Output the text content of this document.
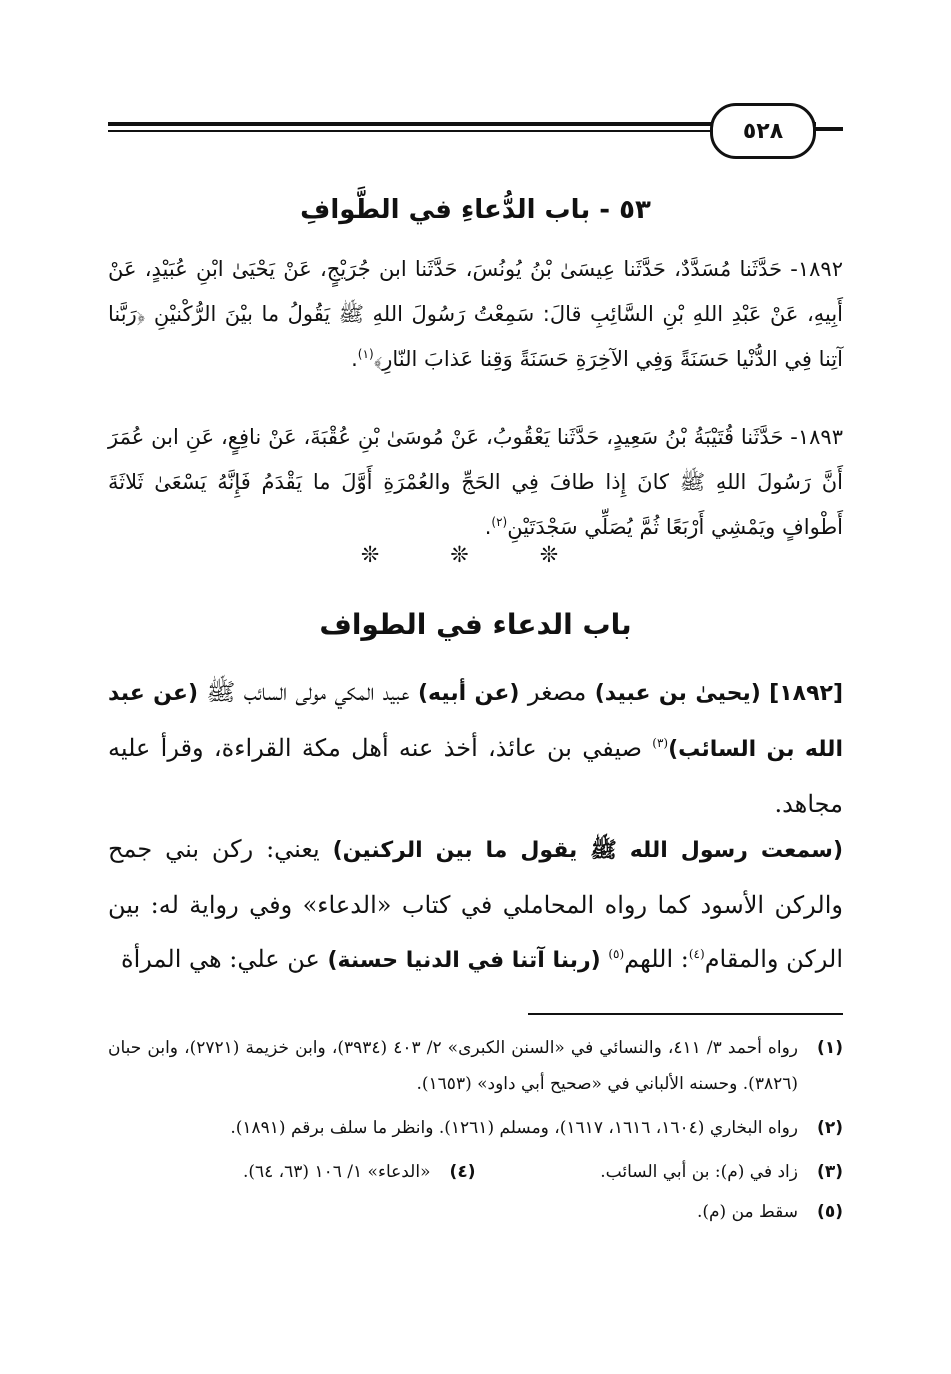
٥٢٨
٥٣ - باب الدُّعاءِ في الطَّوافِ

١٨٩٢- حَدَّثَنا مُسَدَّدٌ، حَدَّثَنا عِيسَىٰ بْنُ يُونُسَ، حَدَّثَنا ابن جُرَيْجٍ، عَنْ يَحْيَىٰ ابْنِ عُبَيْدٍ، عَنْ أَبِيهِ، عَنْ عَبْدِ اللهِ بْنِ السَّائِبِ قالَ: سَمِعْتُ رَسُولَ اللهِ ﷺ يَقُولُ ما بيْنَ الرُّكْنيْنِ ﴿رَبَّنا آتِنا فِي الدُّنْيا حَسَنَةً وَفِي الآخِرَةِ حَسَنَةً وَقِنا عَذابَ النّارِ﴾$^{(١)}$.

١٨٩٣- حَدَّثَنا قُتَيْبَةُ بْنُ سَعِيدٍ، حَدَّثَنا يَعْقُوبُ، عَنْ مُوسَىٰ بْنِ عُقْبَةَ، عَنْ نافِعٍ، عَنِ ابن عُمَرَ أَنَّ رَسُولَ اللهِ ﷺ كانَ إِذا طافَ فِي الحَجِّ والعُمْرَةِ أَوَّلَ ما يَقْدَمُ فَإِنَّهُ يَسْعَىٰ ثَلاثَةَ أَطْوافٍ ويَمْشِي أَرْبَعًا ثُمَّ يُصَلِّي سَجْدَتَيْنِ$^{(٢)}$.

❊ ❊ ❊
باب الدعاء في الطواف

[١٨٩٢] (يحيىٰ بن عبيد) مصغر (عن أبيه) عبيد المكي مولى السائب ﷺ (عن عبد الله بن السائب)$^{(٣)}$ صيفي بن عائذ، أخذ عنه أهل مكة القراءة، وقرأ عليه مجاهد.

(سمعت رسول الله ﷺ يقول ما بين الركنين) يعني: ركن بني جمح والركن الأسود كما رواه المحاملي في كتاب «الدعاء» وفي رواية له: بين الركن والمقام$^{(٤)}$: اللهم$^{(٥)}$ (ربنا آتنا في الدنيا حسنة) عن علي: هي المرأة

(١)
رواه أحمد ٣/ ٤١١، والنسائي في «السنن الكبرى» ٢/ ٤٠٣ (٣٩٣٤)، وابن خزيمة (٢٧٢١)، وابن حبان (٣٨٢٦). وحسنه الألباني في «صحيح أبي داود» (١٦٥٣).
(٢)
رواه البخاري (١٦٠٤، ١٦١٦، ١٦١٧)، ومسلم (١٢٦١). وانظر ما سلف برقم (١٨٩١).
(٣)
زاد في (م): بن أبي السائب.
(٤)
«الدعاء» ١/ ١٠٦ (٦٣، ٦٤).
(٥)
سقط من (م).
